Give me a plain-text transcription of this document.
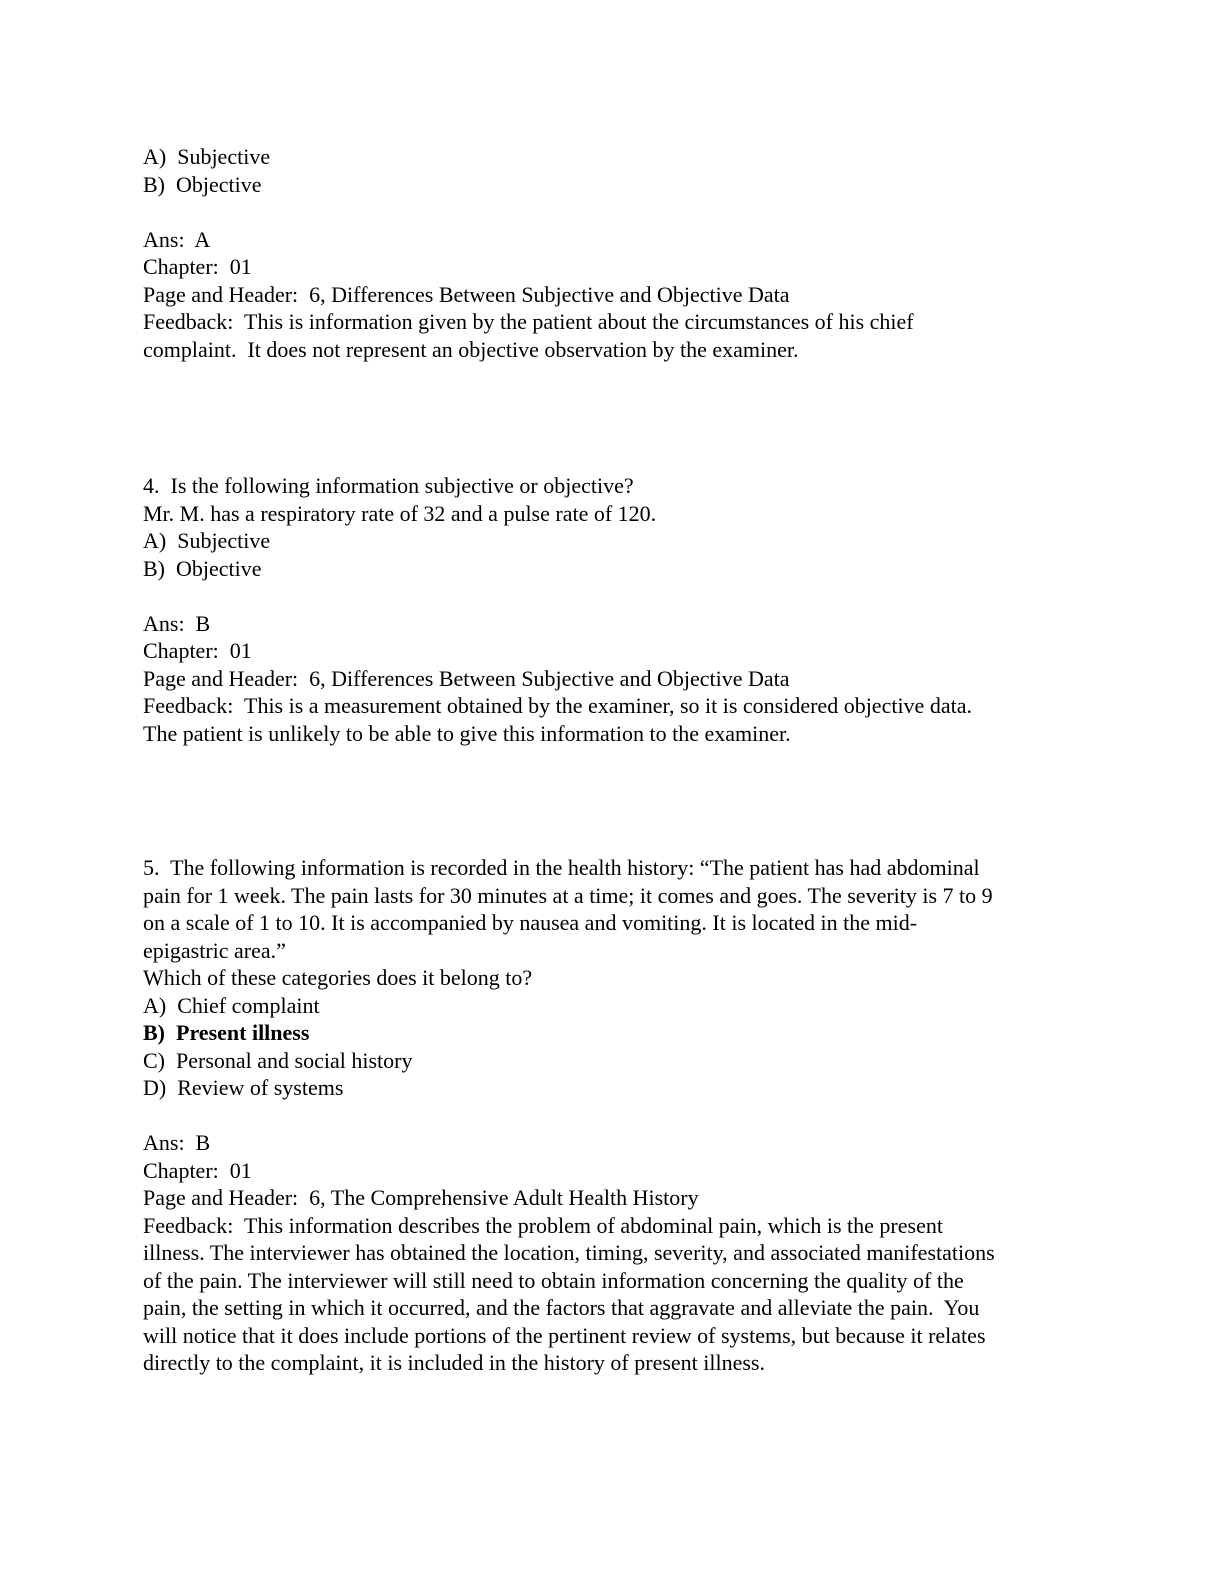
A)  Subjective
B)  Objective
Ans:  A
Chapter:  01
Page and Header:  6, Differences Between Subjective and Objective Data
Feedback:  This is information given by the patient about the circumstances of his chief
complaint.  It does not represent an objective observation by the examiner.
4.  Is the following information subjective or objective?
Mr. M. has a respiratory rate of 32 and a pulse rate of 120.
A)  Subjective
B)  Objective
Ans:  B
Chapter:  01
Page and Header:  6, Differences Between Subjective and Objective Data
Feedback:  This is a measurement obtained by the examiner, so it is considered objective data.
The patient is unlikely to be able to give this information to the examiner.
5.  The following information is recorded in the health history: “The patient has had abdominal
pain for 1 week. The pain lasts for 30 minutes at a time; it comes and goes. The severity is 7 to 9
on a scale of 1 to 10. It is accompanied by nausea and vomiting. It is located in the mid-
epigastric area.”
Which of these categories does it belong to?
A)  Chief complaint
B)  Present illness
C)  Personal and social history
D)  Review of systems
Ans:  B
Chapter:  01
Page and Header:  6, The Comprehensive Adult Health History
Feedback:  This information describes the problem of abdominal pain, which is the present
illness. The interviewer has obtained the location, timing, severity, and associated manifestations
of the pain. The interviewer will still need to obtain information concerning the quality of the
pain, the setting in which it occurred, and the factors that aggravate and alleviate the pain.  You
will notice that it does include portions of the pertinent review of systems, but because it relates
directly to the complaint, it is included in the history of present illness.
